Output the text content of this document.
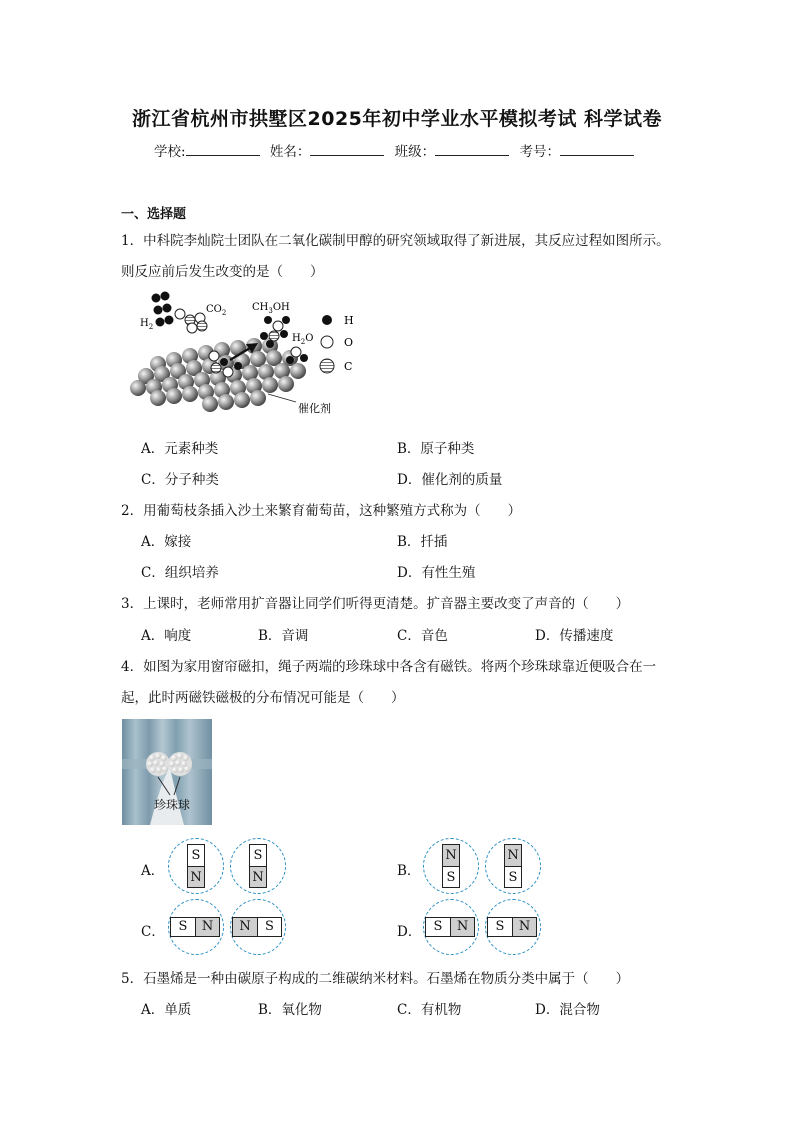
浙江省杭州市拱墅区2025年初中学业水平模拟考试 科学试卷
学校:	姓名：	班级：	考号：
一、选择题
1．中科院李灿院士团队在二氧化碳制甲醇的研究领域取得了新进展，其反应过程如图所示。
则反应前后发生改变的是（　　）
$H_2$
$CO_2$	$CH_3OH$
$H_2O$
催化剂
H
O
C
A．元素种类	B．原子种类
C．分子种类	D．催化剂的质量
2．用葡萄枝条插入沙土来繁育葡萄苗，这种繁殖方式称为（　　）
A．嫁接	B．扦插
C．组织培养	D．有性生殖
3．上课时，老师常用扩音器让同学们听得更清楚。扩音器主要改变了声音的（　　）
A．响度	B．音调	C．音色	D．传播速度
4．如图为家用窗帘磁扣，绳子两端的珍珠球中各含有磁铁。将两个珍珠球靠近便吸合在一
起，此时两磁铁磁极的分布情况可能是（　　）
珍珠球
A．
S
N
S
N	B．
N
S
N
S
C．	S	N	N	S	D． S	N	S	N
5．石墨烯是一种由碳原子构成的二维碳纳米材料。石墨烯在物质分类中属于（　　）
A．单质	B．氧化物	C．有机物	D．混合物
